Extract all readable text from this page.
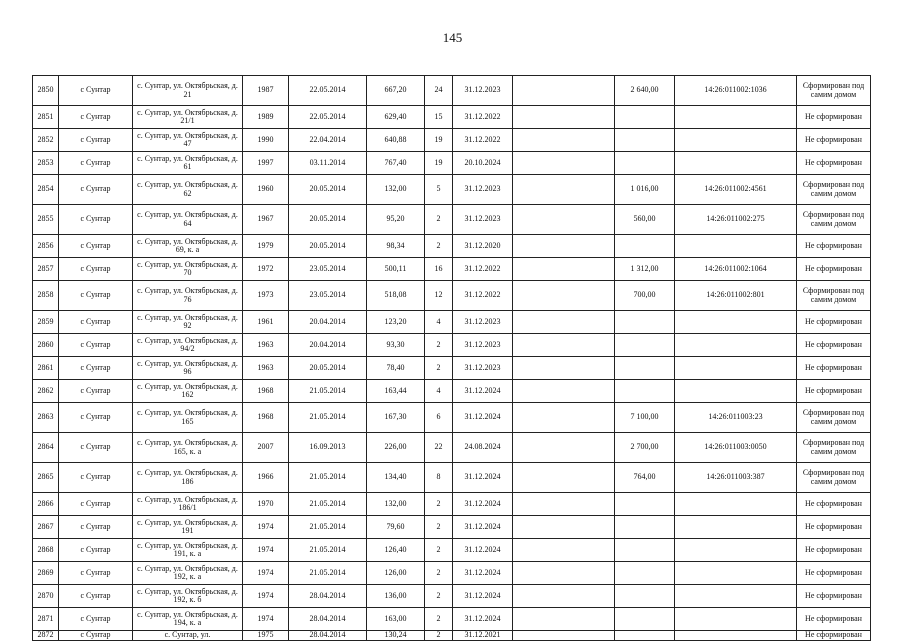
145
2850	с Сунтар	с. Сунтар, ул. Октябрьская, д. 21	1987	22.05.2014	667,20	24	31.12.2023		2 640,00	14:26:011002:1036	Сформирован под самим домом
2851	с Сунтар	с. Сунтар, ул. Октябрьская, д. 21/1	1989	22.05.2014	629,40	15	31.12.2022				Не сформирован
2852	с Сунтар	с. Сунтар, ул. Октябрьская, д. 47	1990	22.04.2014	640,88	19	31.12.2022				Не сформирован
2853	с Сунтар	с. Сунтар, ул. Октябрьская, д. 61	1997	03.11.2014	767,40	19	20.10.2024				Не сформирован
2854	с Сунтар	с. Сунтар, ул. Октябрьская, д. 62	1960	20.05.2014	132,00	5	31.12.2023		1 016,00	14:26:011002:4561	Сформирован под самим домом
2855	с Сунтар	с. Сунтар, ул. Октябрьская, д. 64	1967	20.05.2014	95,20	2	31.12.2023		560,00	14:26:011002:275	Сформирован под самим домом
2856	с Сунтар	с. Сунтар, ул. Октябрьская, д. 69, к. а	1979	20.05.2014	98,34	2	31.12.2020				Не сформирован
2857	с Сунтар	с. Сунтар, ул. Октябрьская, д. 70	1972	23.05.2014	500,11	16	31.12.2022		1 312,00	14:26:011002:1064	Не сформирован
2858	с Сунтар	с. Сунтар, ул. Октябрьская, д. 76	1973	23.05.2014	518,08	12	31.12.2022		700,00	14:26:011002:801	Сформирован под самим домом
2859	с Сунтар	с. Сунтар, ул. Октябрьская, д. 92	1961	20.04.2014	123,20	4	31.12.2023				Не сформирован
2860	с Сунтар	с. Сунтар, ул. Октябрьская, д. 94/2	1963	20.04.2014	93,30	2	31.12.2023				Не сформирован
2861	с Сунтар	с. Сунтар, ул. Октябрьская, д. 96	1963	20.05.2014	78,40	2	31.12.2023				Не сформирован
2862	с Сунтар	с. Сунтар, ул. Октябрьская, д. 162	1968	21.05.2014	163,44	4	31.12.2024				Не сформирован
2863	с Сунтар	с. Сунтар, ул. Октябрьская, д. 165	1968	21.05.2014	167,30	6	31.12.2024		7 100,00	14:26:011003:23	Сформирован под самим домом
2864	с Сунтар	с. Сунтар, ул. Октябрьская, д. 165, к. а	2007	16.09.2013	226,00	22	24.08.2024		2 700,00	14:26:011003:0050	Сформирован под самим домом
2865	с Сунтар	с. Сунтар, ул. Октябрьская, д. 186	1966	21.05.2014	134,40	8	31.12.2024		764,00	14:26:011003:387	Сформирован под самим домом
2866	с Сунтар	с. Сунтар, ул. Октябрьская, д. 186/1	1970	21.05.2014	132,00	2	31.12.2024				Не сформирован
2867	с Сунтар	с. Сунтар, ул. Октябрьская, д. 191	1974	21.05.2014	79,60	2	31.12.2024				Не сформирован
2868	с Сунтар	с. Сунтар, ул. Октябрьская, д. 191, к. а	1974	21.05.2014	126,40	2	31.12.2024				Не сформирован
2869	с Сунтар	с. Сунтар, ул. Октябрьская, д. 192, к. а	1974	21.05.2014	126,00	2	31.12.2024				Не сформирован
2870	с Сунтар	с. Сунтар, ул. Октябрьская, д. 192, к. б	1974	28.04.2014	136,00	2	31.12.2024				Не сформирован
2871	с Сунтар	с. Сунтар, ул. Октябрьская, д. 194, к. а	1974	28.04.2014	163,00	2	31.12.2024				Не сформирован
2872	с Сунтар	с. Сунтар, ул.	1975	28.04.2014	130,24	2	31.12.2021				Не сформирован
